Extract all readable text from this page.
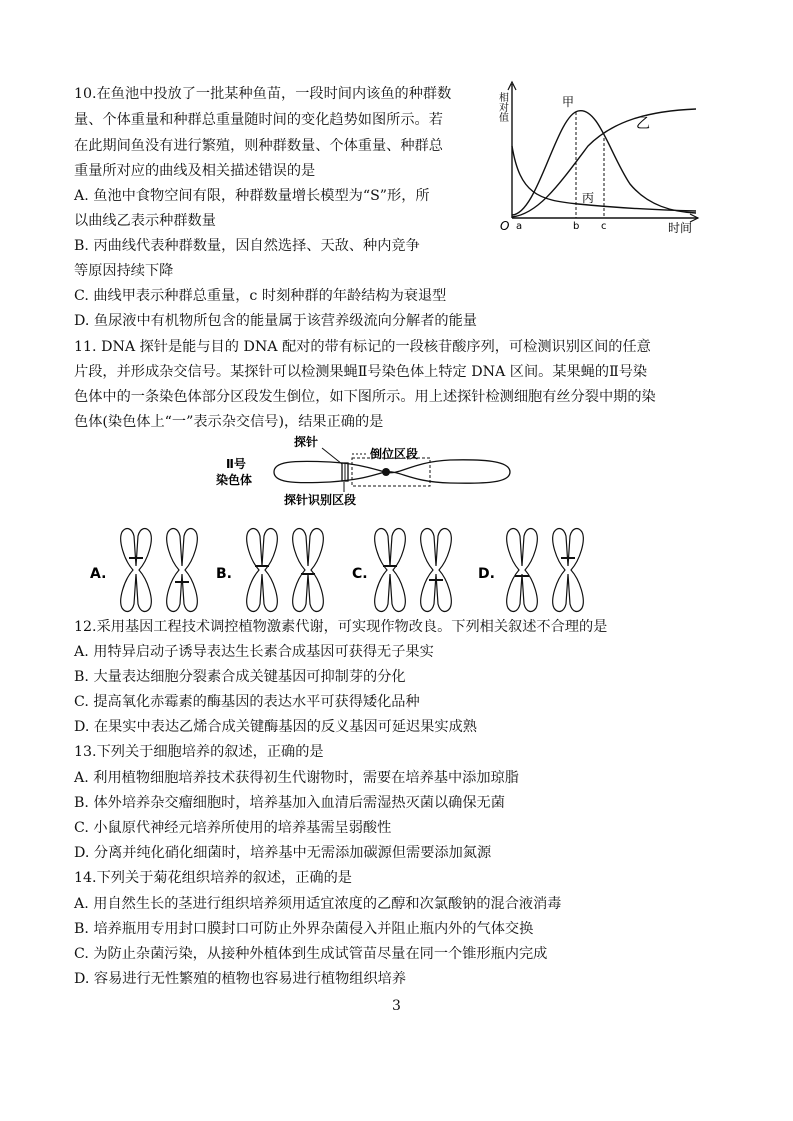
10.在鱼池中投放了一批某种鱼苗，一段时间内该鱼的种群数
量、个体重量和种群总重量随时间的变化趋势如图所示。若
在此期间鱼没有进行繁殖，则种群数量、个体重量、种群总
重量所对应的曲线及相关描述错误的是
A. 鱼池中食物空间有限，种群数量增长模型为“S”形，所
以曲线乙表示种群数量
B. 丙曲线代表种群数量，因自然选择、天敌、种内竞争
等原因持续下降
C. 曲线甲表示种群总重量，c 时刻种群的年龄结构为衰退型
D. 鱼尿液中有机物所包含的能量属于该营养级流向分解者的能量
相对值	甲
乙
丙
O a	b c	时间
11. DNA 探针是能与目的 DNA 配对的带有标记的一段核苷酸序列，可检测识别区间的任意
片段，并形成杂交信号。某探针可以检测果蝇Ⅱ号染色体上特定 DNA 区间。某果蝇的Ⅱ号染
色体中的一条染色体部分区段发生倒位，如下图所示。用上述探针检测细胞有丝分裂中期的染
色体(染色体上“一”表示杂交信号)，结果正确的是
探针
倒位区段
Ⅱ号
染色体
探针识别区段
A.	B.	C.	D.
12.采用基因工程技术调控植物激素代谢，可实现作物改良。下列相关叙述不合理的是
A. 用特异启动子诱导表达生长素合成基因可获得无子果实
B. 大量表达细胞分裂素合成关键基因可抑制芽的分化
C. 提高氧化赤霉素的酶基因的表达水平可获得矮化品种
D. 在果实中表达乙烯合成关键酶基因的反义基因可延迟果实成熟
13.下列关于细胞培养的叙述，正确的是
A. 利用植物细胞培养技术获得初生代谢物时，需要在培养基中添加琼脂
B. 体外培养杂交瘤细胞时，培养基加入血清后需湿热灭菌以确保无菌
C. 小鼠原代神经元培养所使用的培养基需呈弱酸性
D. 分离并纯化硝化细菌时，培养基中无需添加碳源但需要添加氮源
14.下列关于菊花组织培养的叙述，正确的是
A. 用自然生长的茎进行组织培养须用适宜浓度的乙醇和次氯酸钠的混合液消毒
B. 培养瓶用专用封口膜封口可防止外界杂菌侵入并阻止瓶内外的气体交换
C. 为防止杂菌污染，从接种外植体到生成试管苗尽量在同一个锥形瓶内完成
D. 容易进行无性繁殖的植物也容易进行植物组织培养
3
